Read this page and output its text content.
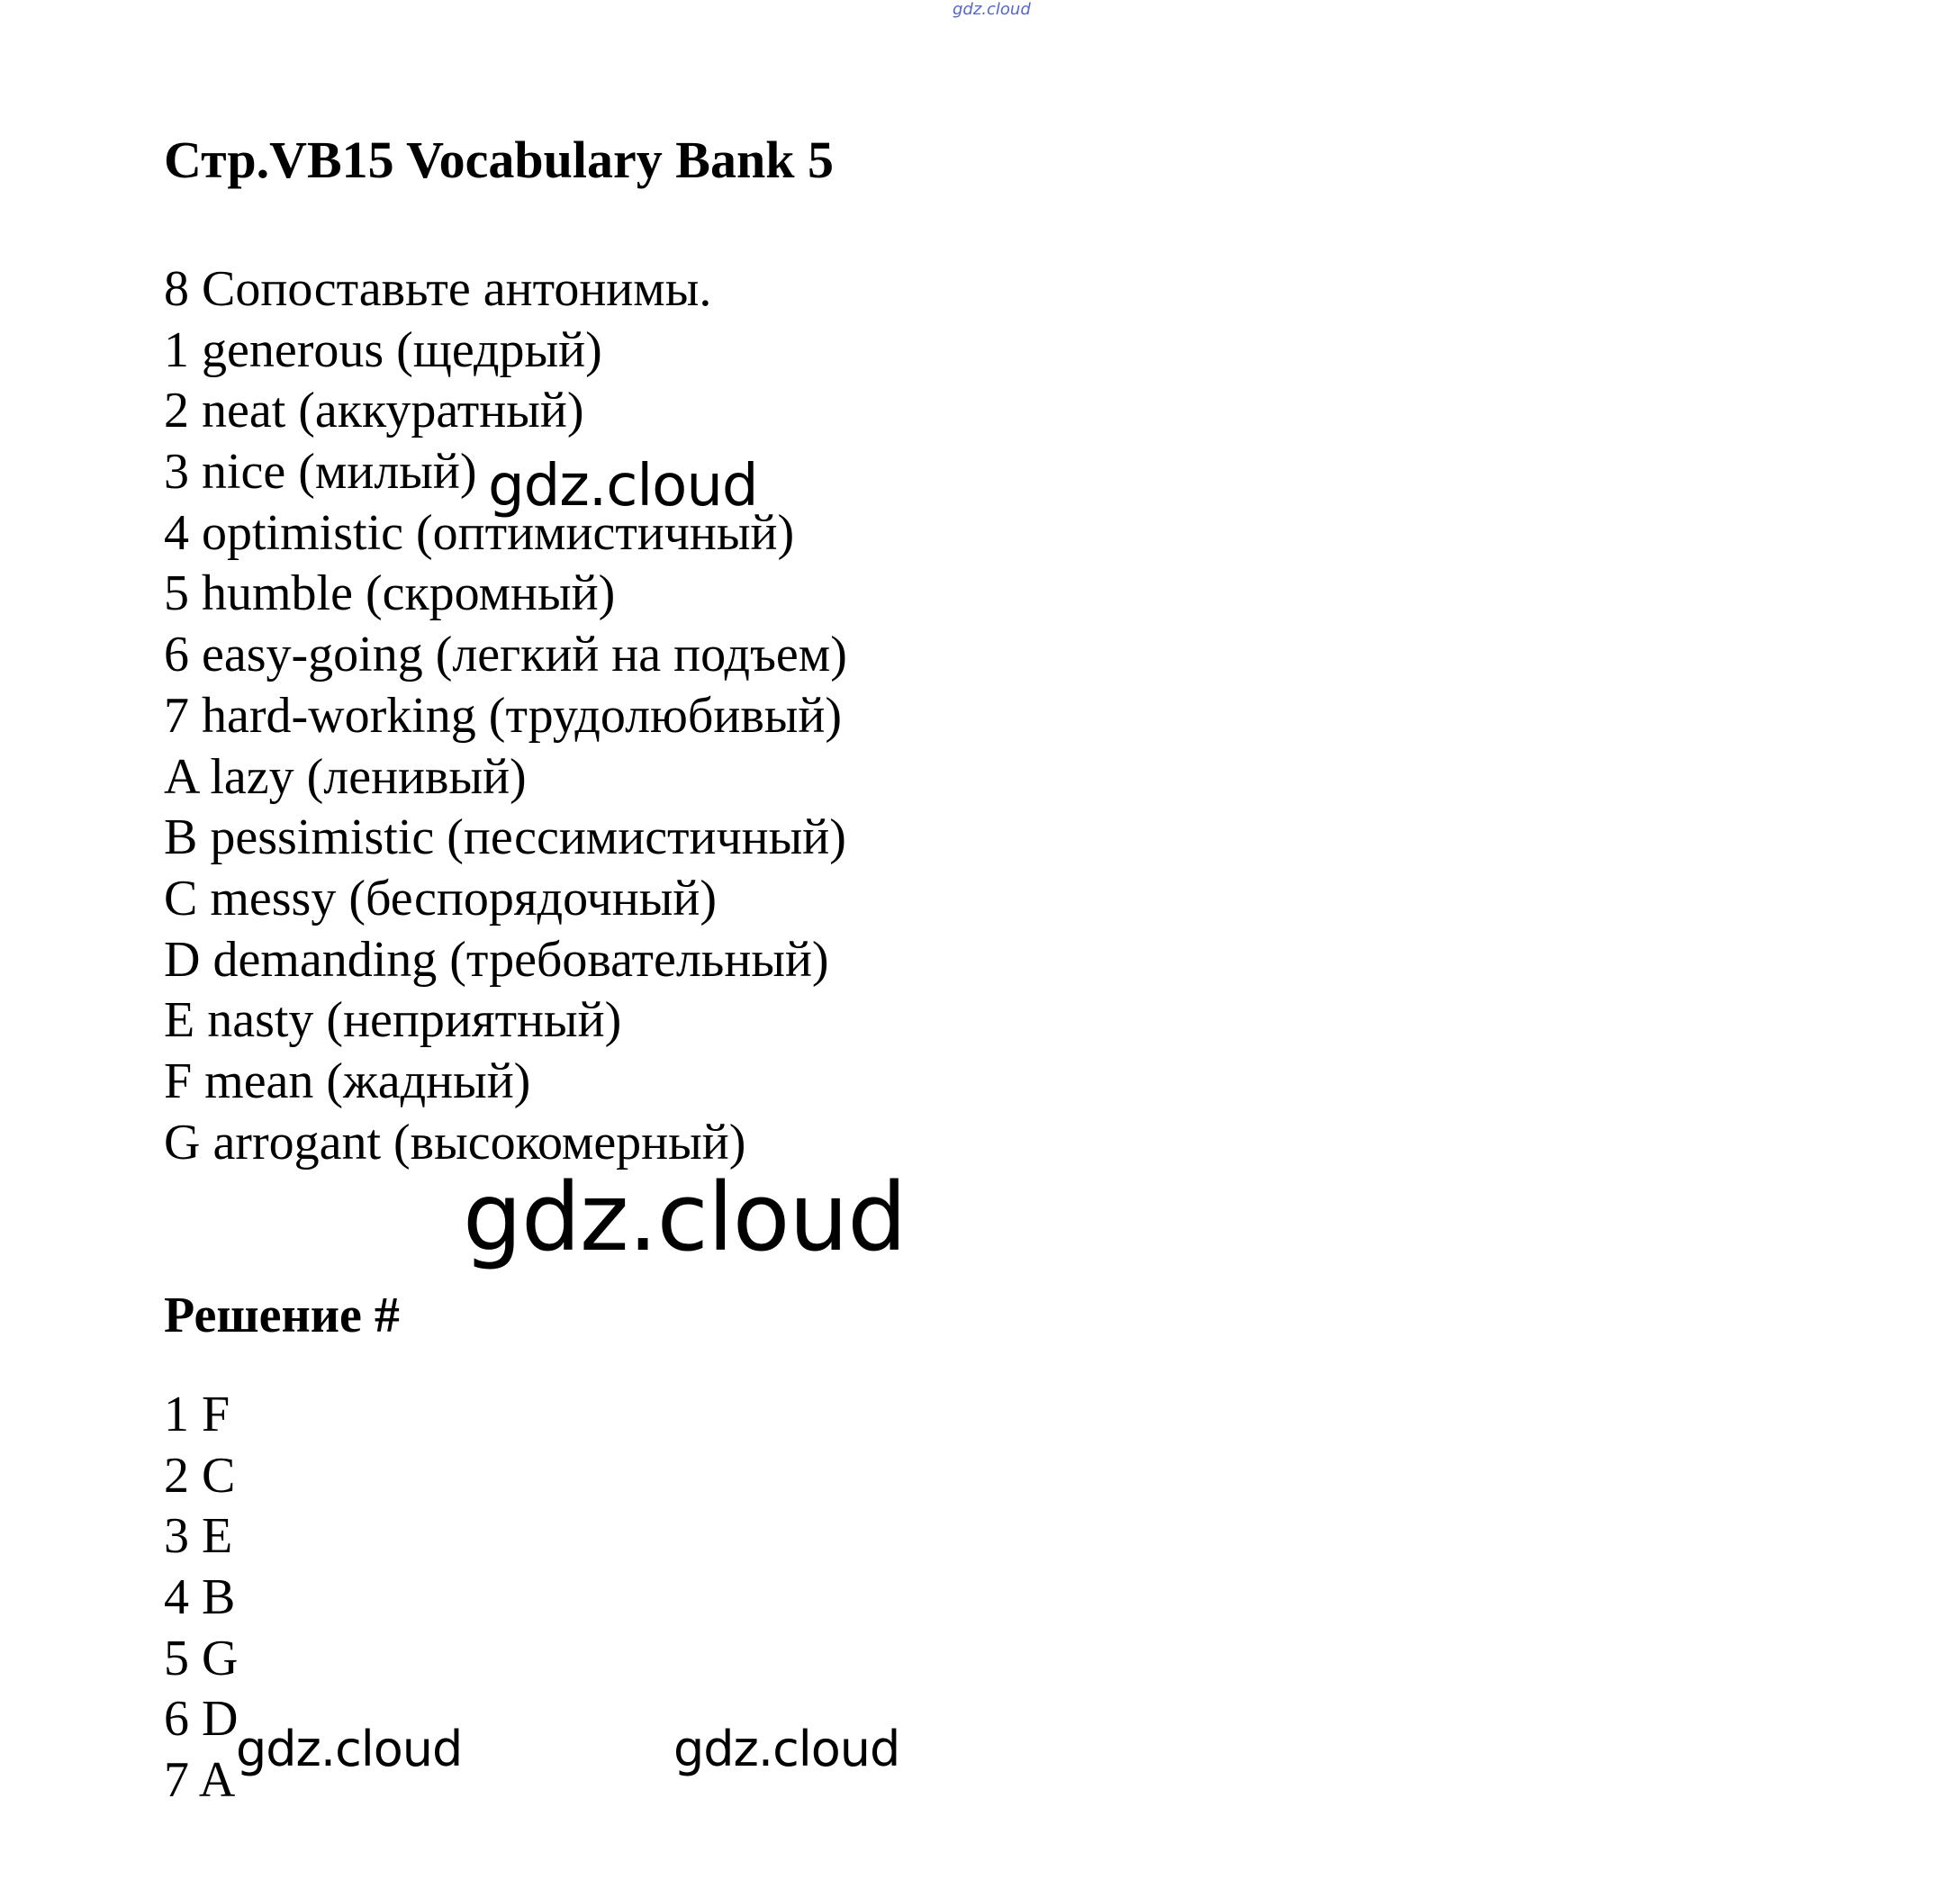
gdz.cloud
Стр.VB15 Vocabulary Bank 5
8 Сопоставьте антонимы.
1 generous (щедрый)
2 neat (аккуратный)
3 nice (милый)
4 optimistic (оптимистичный)
5 humble (скромный)
6 easy-going (легкий на подъем)
7 hard-working (трудолюбивый)
A lazy (ленивый)
B pessimistic (пессимистичный)
C messy (беспорядочный)
D demanding (требовательный)
E nasty (неприятный)
F mean (жадный)
G arrogant (высокомерный)
Решение #
1 F
2 C
3 E
4 B
5 G
6 D
7 A
gdz.cloud
gdz.cloud
gdz.cloud	gdz.cloud
